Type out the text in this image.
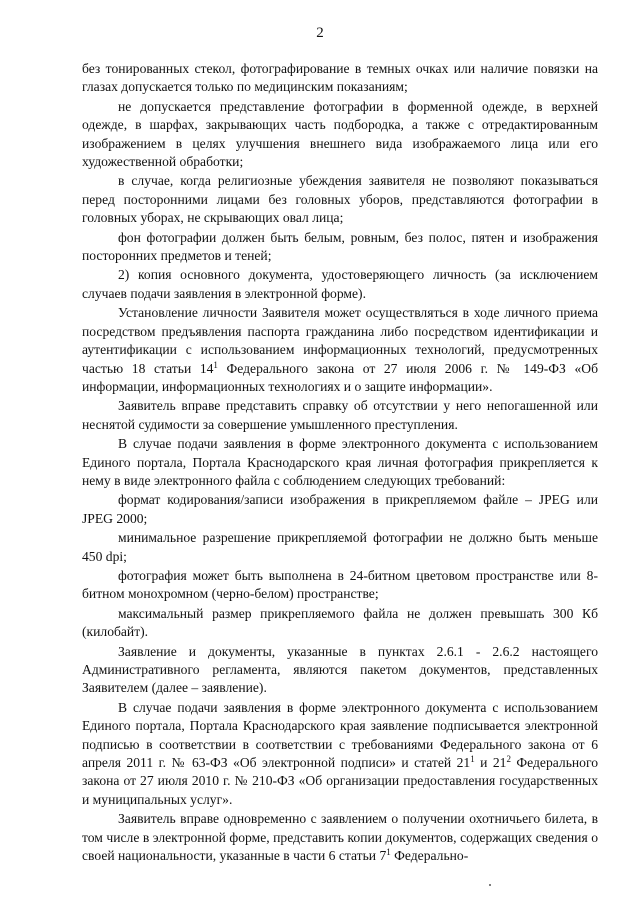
2

без тонированных стекол, фотографирование в темных очках или наличие повязки на глазах допускается только по медицинским показаниям;

не допускается представление фотографии в форменной одежде, в верхней одежде, в шарфах, закрывающих часть подбородка, а также с отредактированным изображением в целях улучшения внешнего вида изображаемого лица или его художественной обработки;

в случае, когда религиозные убеждения заявителя не позволяют показываться перед посторонними лицами без головных уборов, представляются фотографии в головных уборах, не скрывающих овал лица;

фон фотографии должен быть белым, ровным, без полос, пятен и изображения посторонних предметов и теней;

2) копия основного документа, удостоверяющего личность (за исключением случаев подачи заявления в электронной форме).

Установление личности Заявителя может осуществляться в ходе личного приема посредством предъявления паспорта гражданина либо посредством идентификации и аутентификации с использованием информационных технологий, предусмотренных частью 18 статьи $14^1$ Федерального закона от 27 июля 2006 г. № 149-ФЗ «Об информации, информационных технологиях и о защите информации».

Заявитель вправе представить справку об отсутствии у него непогашенной или неснятой судимости за совершение умышленного преступления.

В случае подачи заявления в форме электронного документа с использованием Единого портала, Портала Краснодарского края личная фотография прикрепляется к нему в виде электронного файла с соблюдением следующих требований:

формат кодирования/записи изображения в прикрепляемом файле – JPEG или JPEG 2000;

минимальное разрешение прикрепляемой фотографии не должно быть меньше 450 dpi;

фотография может быть выполнена в 24-битном цветовом пространстве или 8-битном монохромном (черно-белом) пространстве;

максимальный размер прикрепляемого файла не должен превышать 300 Кб (килобайт).

Заявление и документы, указанные в пунктах 2.6.1 - 2.6.2 настоящего Административного регламента, являются пакетом документов, представленных Заявителем (далее – заявление).

В случае подачи заявления в форме электронного документа с использованием Единого портала, Портала Краснодарского края заявление подписывается электронной подписью в соответствии в соответствии с требованиями Федерального закона от 6 апреля 2011 г. № 63-ФЗ «Об электронной подписи» и статей $21^1$ и $21^2$ Федерального закона от 27 июля 2010 г. № 210-ФЗ «Об организации предоставления государственных и муниципальных услуг».

Заявитель вправе одновременно с заявлением о получении охотничьего билета, в том числе в электронной форме, представить копии документов, содержащих сведения о своей национальности, указанные в части 6 статьи $7^1$ Федерально-
